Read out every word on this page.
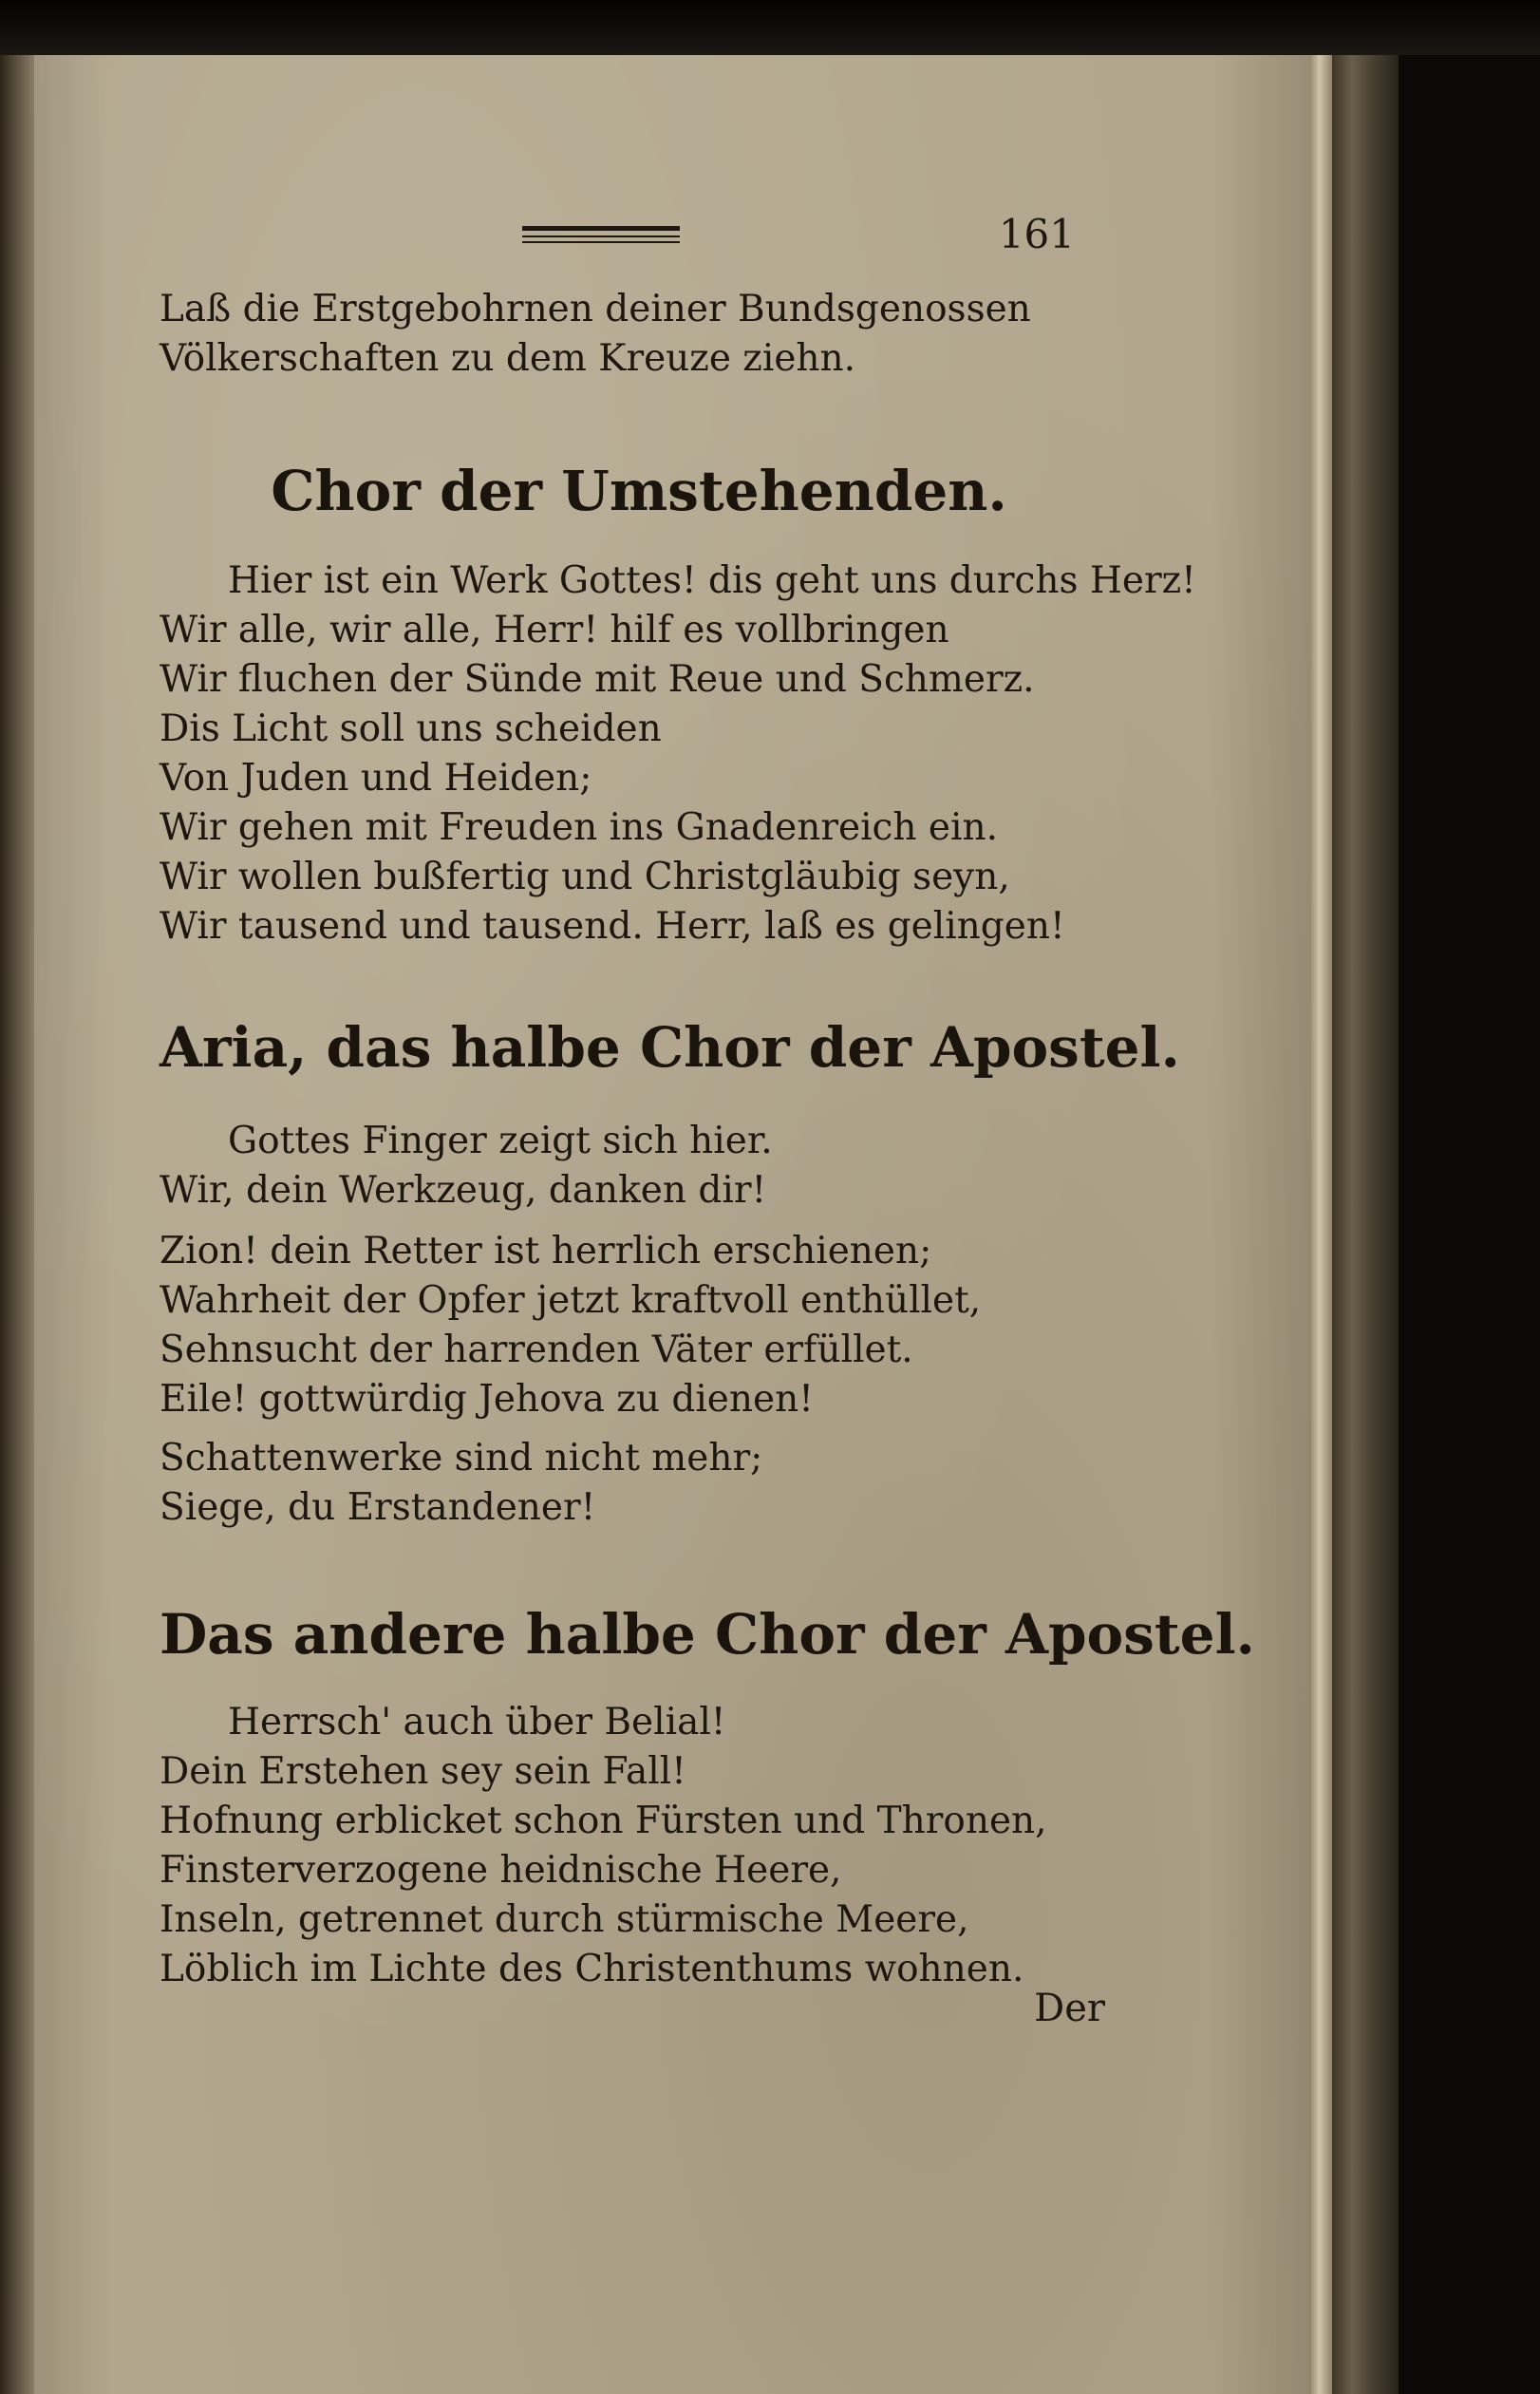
161
Laß die Erstgebohrnen deiner Bundsgenossen
Völkerschaften zu dem Kreuze ziehn.
Chor der Umstehenden.
Hier ist ein Werk Gottes! dis geht uns durchs Herz!
Wir alle, wir alle, Herr! hilf es vollbringen
Wir fluchen der Sünde mit Reue und Schmerz.
Dis Licht soll uns scheiden
Von Juden und Heiden;
Wir gehen mit Freuden ins Gnadenreich ein.
Wir wollen bußfertig und Christgläubig seyn,
Wir tausend und tausend. Herr, laß es gelingen!
Aria, das halbe Chor der Apostel.
Gottes Finger zeigt sich hier.
Wir, dein Werkzeug, danken dir!
Zion! dein Retter ist herrlich erschienen;
Wahrheit der Opfer jetzt kraftvoll enthüllet,
Sehnsucht der harrenden Väter erfüllet.
Eile! gottwürdig Jehova zu dienen!
Schattenwerke sind nicht mehr;
Siege, du Erstandener!
Das andere halbe Chor der Apostel.
Herrsch' auch über Belial!
Dein Erstehen sey sein Fall!
Hofnung erblicket schon Fürsten und Thronen,
Finsterverzogene heidnische Heere,
Inseln, getrennet durch stürmische Meere,
Löblich im Lichte des Christenthums wohnen.
Der
